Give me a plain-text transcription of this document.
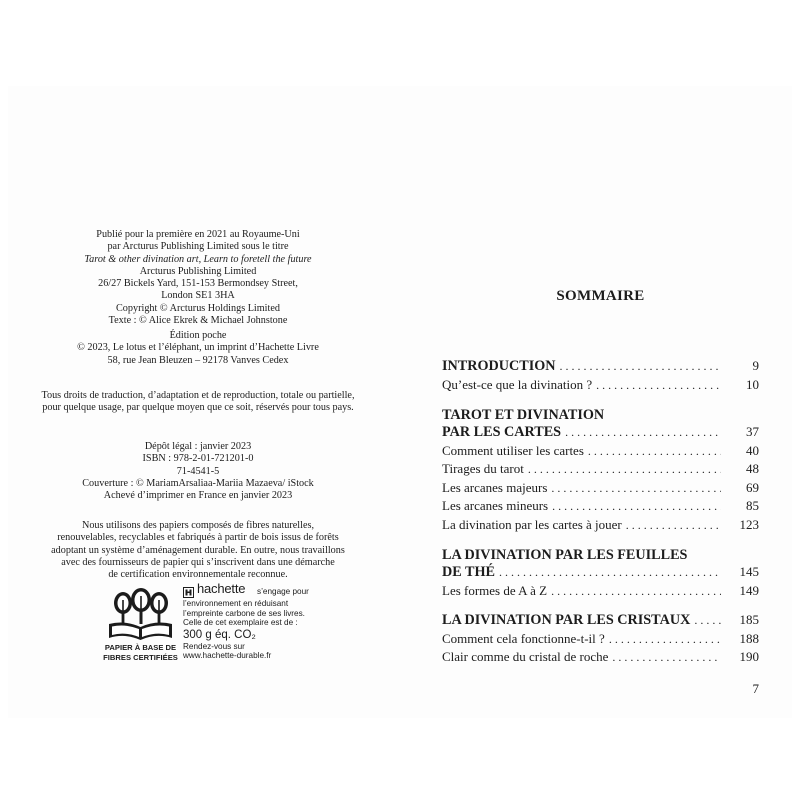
Publié pour la première en 2021 au Royaume-Uni
par Arcturus Publishing Limited sous le titre
Tarot & other divination art, Learn to foretell the future
Arcturus Publishing Limited
26/27 Bickels Yard, 151-153 Bermondsey Street,
London SE1 3HA
Copyright © Arcturus Holdings Limited
Texte : © Alice Ekrek & Michael Johnstone
Édition poche
© 2023, Le lotus et l’éléphant, un imprint d’Hachette Livre
58, rue Jean Bleuzen – 92178 Vanves Cedex
Tous droits de traduction, d’adaptation et de reproduction, totale ou partielle,
pour quelque usage, par quelque moyen que ce soit, réservés pour tous pays.
Dépôt légal : janvier 2023
ISBN : 978-2-01-721201-0
71-4541-5
Couverture : © MariamArsaliaa-Mariia Mazaeva/ iStock
Achevé d’imprimer en France en janvier 2023
Nous utilisons des papiers composés de fibres naturelles,
renouvelables, recyclables et fabriqués à partir de bois issus de forêts
adoptant un système d’aménagement durable. En outre, nous travaillons
avec des fournisseurs de papier qui s’inscrivent dans une démarche
de certification environnementale reconnue.
PAPIER À BASE DE
FIBRES CERTIFIÉES
hachette s’engage pour
l’environnement en réduisant
l’empreinte carbone de ses livres.
Celle de cet exemplaire est de :
300 g éq. CO₂
Rendez-vous sur
www.hachette-durable.fr
SOMMAIRE
INTRODUCTION . . .	9
Qu’est-ce que la divination ? . . .	10
TAROT ET DIVINATION
PAR LES CARTES . . .	37
Comment utiliser les cartes . . .	40
Tirages du tarot . . .	48
Les arcanes majeurs . . .	69
Les arcanes mineurs . . .	85
La divination par les cartes à jouer . . .	123
LA DIVINATION PAR LES FEUILLES
DE THÉ . . .	145
Les formes de A à Z . . .	149
LA DIVINATION PAR LES CRISTAUX . . .	185
Comment cela fonctionne-t-il ? . . .	188
Clair comme du cristal de roche . . .	190
7
